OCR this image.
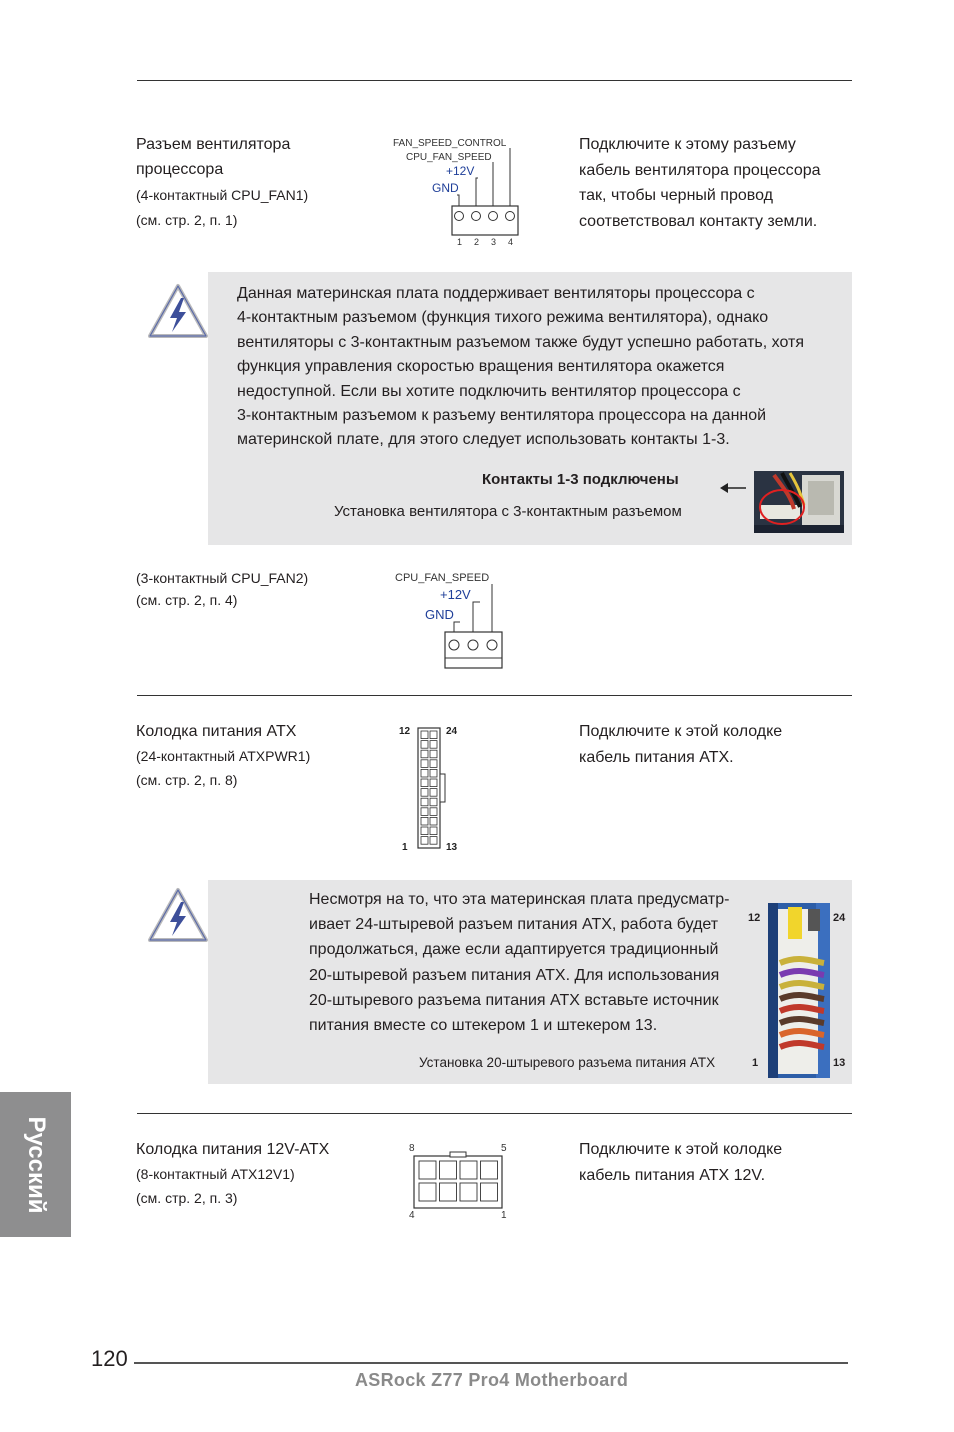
Разъем вентилятора
процессора
(4-контактный CPU_FAN1)
(см. стр. 2, п. 1)
FAN_SPEED_CONTROL
CPU_FAN_SPEED
+12V
GND
1 2 3 4
Подключите к этому разъему
кабель вентилятора процессора
так, чтобы черный провод
соответствовал контакту земли.
Данная материнская плата поддерживает вентиляторы процессора с
4-контактным разъемом (функция тихого режима вентилятора), однако
вентиляторы с 3-контактным разъемом также будут успешно работать, хотя
функция управления скоростью вращения вентилятора окажется
недоступной. Если вы хотите подключить вентилятор процессора с
3-контактным разъемом к разъему вентилятора процессора на данной
материнской плате, для этого следует использовать контакты 1-3.
Контакты 1-3 подключены
Установка вентилятора с 3-контактным разъемом
(3-контактный CPU_FAN2)
(см. стр. 2, п. 4)
CPU_FAN_SPEED
+12V
GND
Колодка питания ATX
(24-контактный ATXPWR1)
(см. стр. 2, п. 8)
12	24
1	13
Подключите к этой колодке
кабель питания ATX.
Несмотря на то, что эта материнская плата предусматр-
ивает 24-штыревой разъем питания ATX, работа будет
продолжаться, даже если адаптируется традиционный
20-штыревой разъем питания ATX. Для использования
20-штыревого разъема питания ATX вставьте источник
питания вместе со штекером 1 и штекером 13.
Установка 20-штыревого разъема питания ATX
12	24
1	13
Колодка питания 12V-ATX
(8-контактный ATX12V1)
(см. стр. 2, п. 3)
8	5
4	1
Подключите к этой колодке
кабель питания ATX 12V.
Русский
120
ASRock Z77 Pro4 Motherboard
